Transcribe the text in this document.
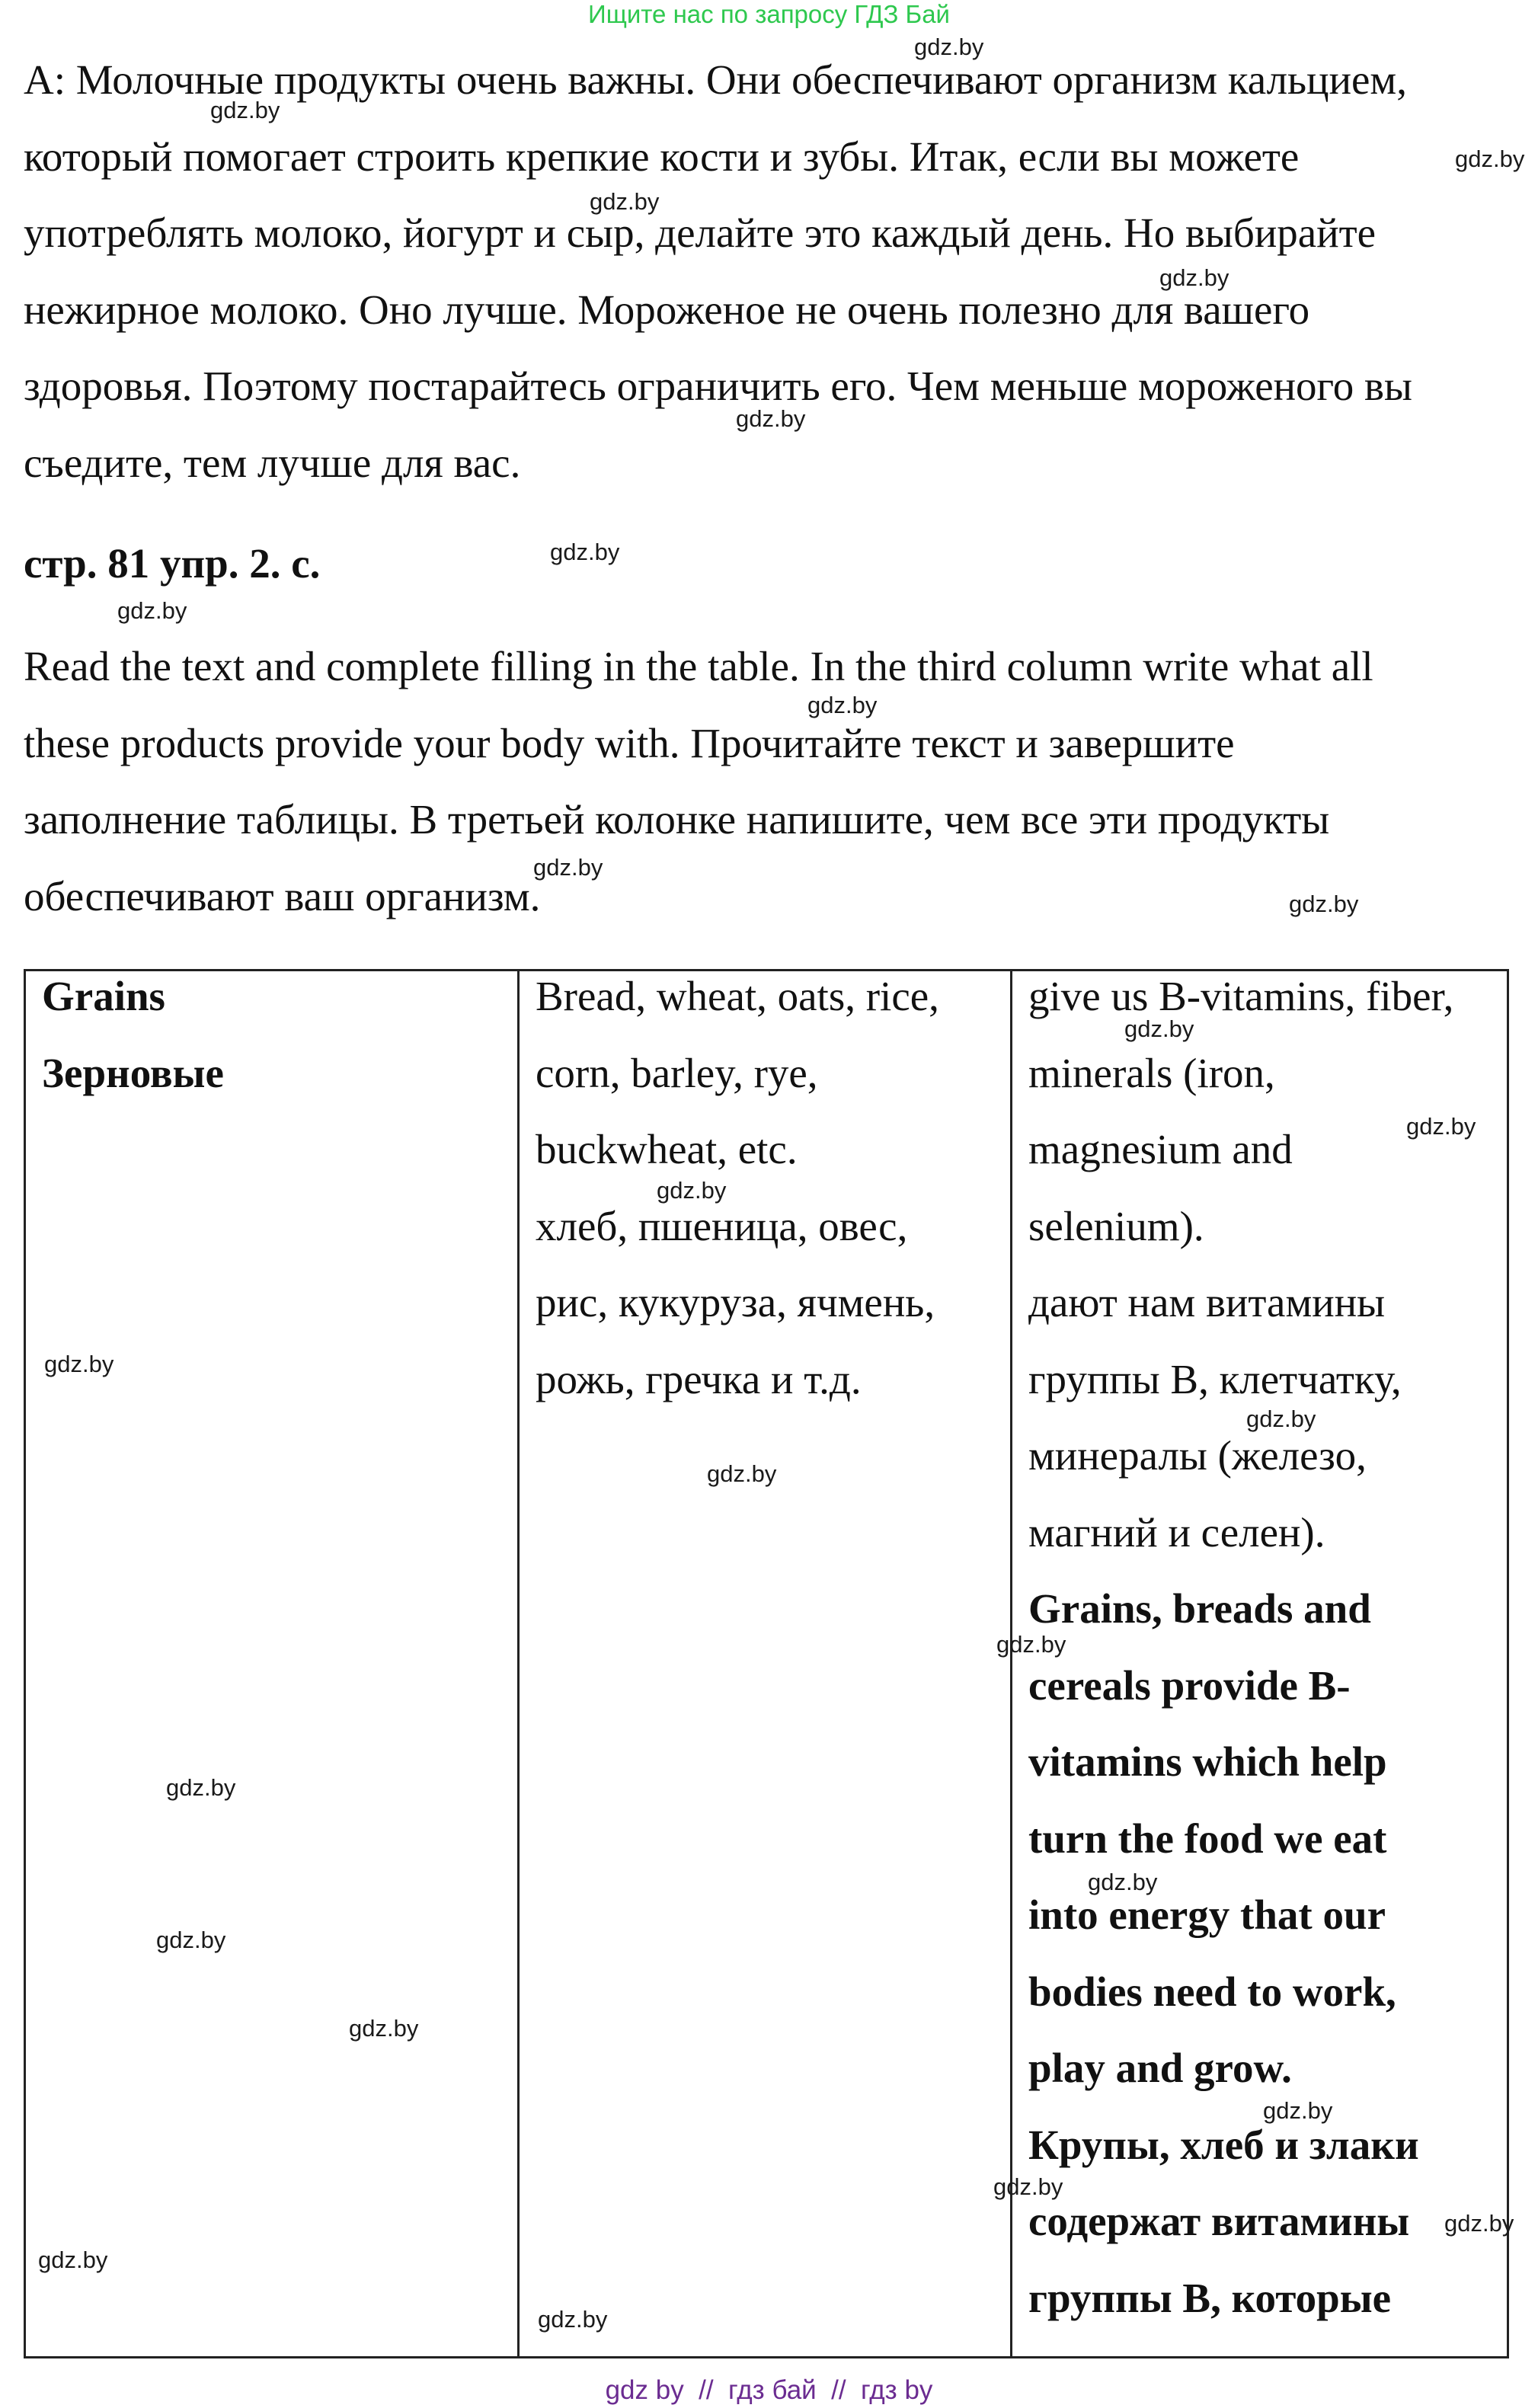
Ищите нас по запросу ГДЗ Бай
A: Молочные продукты очень важны. Они обеспечивают организм кальцием,
который помогает строить крепкие кости и зубы. Итак, если вы можете
употреблять молоко, йогурт и сыр, делайте это каждый день. Но выбирайте
нежирное молоко. Оно лучше. Мороженое не очень полезно для вашего
здоровья. Поэтому постарайтесь ограничить его. Чем меньше мороженого вы
съедите, тем лучше для вас.
стр. 81 упр. 2. с.
Read the text and complete filling in the table. In the third column write what all
these products provide your body with. Прочитайте текст и завершите
заполнение таблицы. В третьей колонке напишите, чем все эти продукты
обеспечивают ваш организм.
Grains
Зерновые
Bread, wheat, oats, rice,
corn, barley, rye,
buckwheat, etc.
хлеб, пшеница, овес,
рис, кукуруза, ячмень,
рожь, гречка и т.д.
give us B-vitamins, fiber,
minerals (iron,
magnesium and
selenium).
дают нам витамины
группы B, клетчатку,
минералы (железо,
магний и селен).
Grains, breads and
cereals provide B-
vitamins which help
turn the food we eat
into energy that our
bodies need to work,
play and grow.
Крупы, хлеб и злаки
содержат витамины
группы B, которые
gdz.by
gdz.by
gdz.by
gdz.by
gdz.by
gdz.by
gdz.by
gdz.by
gdz.by
gdz.by
gdz.by
gdz.by
gdz.by
gdz.by
gdz.by
gdz.by
gdz.by
gdz.by
gdz.by
gdz.by
gdz.by
gdz.by
gdz.by
gdz.by
gdz.by
gdz.by
gdz.by
gdz by  //  гдз бай  //  гдз by
